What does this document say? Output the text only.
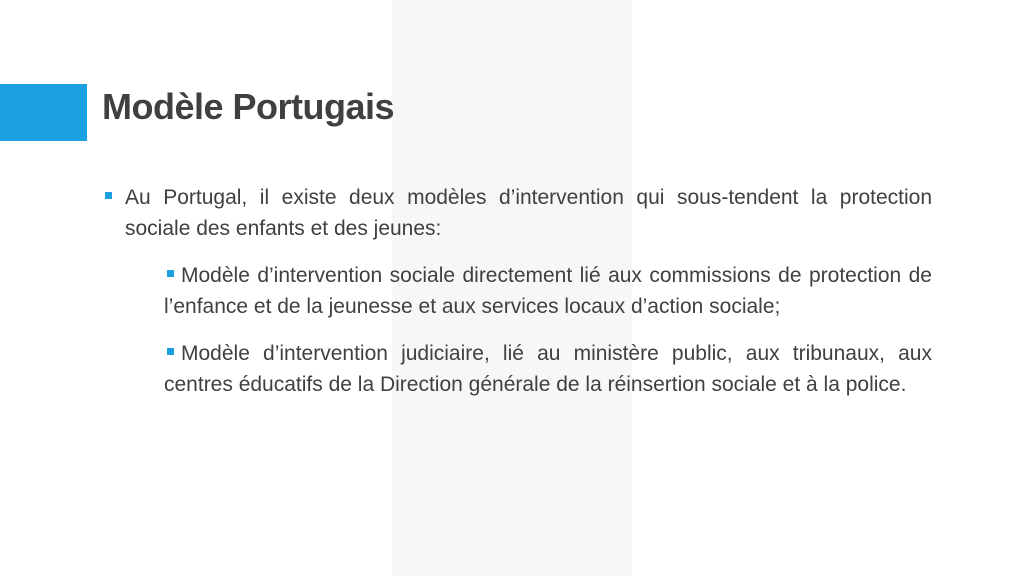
Modèle Portugais
Au Portugal, il existe deux modèles d’intervention qui sous-tendent la protection sociale des enfants et des jeunes:
Modèle d’intervention sociale directement lié aux commissions de protection de l’enfance et de la jeunesse et aux services locaux d’action sociale;
Modèle d’intervention judiciaire, lié au ministère public, aux tribunaux, aux centres éducatifs de la Direction générale de la réinsertion sociale et à la police.
